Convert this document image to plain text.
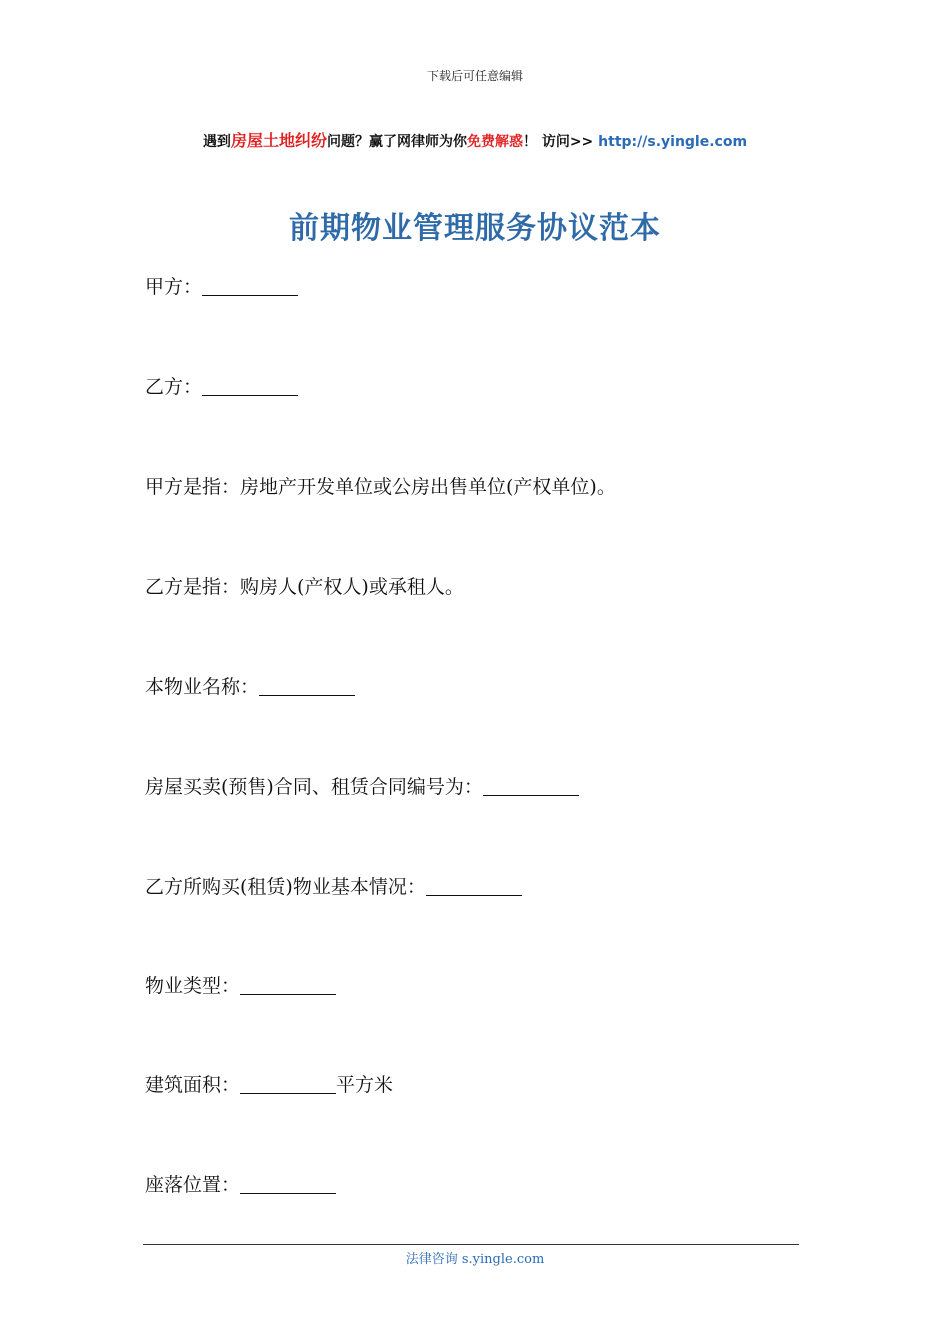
下载后可任意编辑
遇到房屋土地纠纷问题？赢了网律师为你免费解惑！ 访问>> http://s.yingle.com
前期物业管理服务协议范本
甲方：
乙方：
甲方是指：房地产开发单位或公房出售单位(产权单位)。
乙方是指：购房人(产权人)或承租人。
本物业名称：
房屋买卖(预售)合同、租赁合同编号为：
乙方所购买(租赁)物业基本情况：
物业类型：
建筑面积：	平方米
座落位置：
法律咨询 s.yingle.com
